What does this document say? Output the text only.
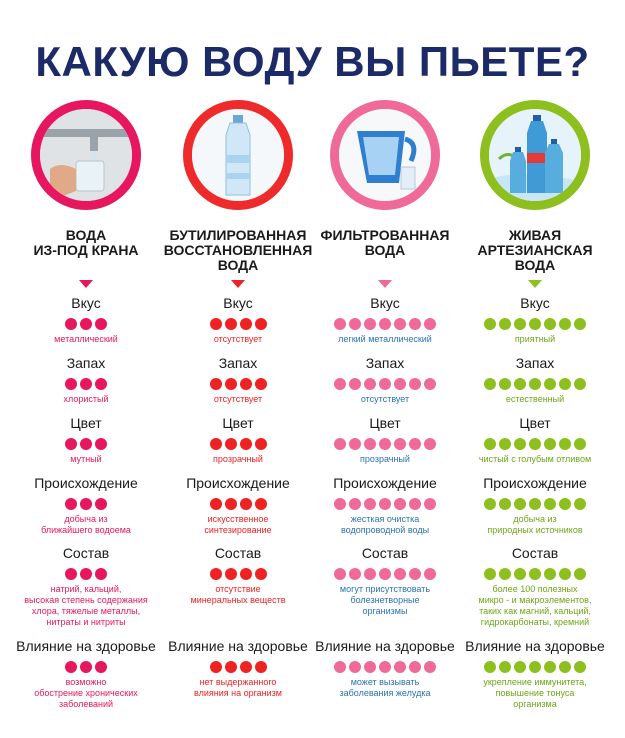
КАКУЮ ВОДУ ВЫ ПЬЕТЕ?
ВОДА
ИЗ-ПОД КРАНА
БУТИЛИРОВАННАЯ
ВОССТАНОВЛЕННАЯ
ВОДА
ФИЛЬТРОВАННАЯ
ВОДА
ЖИВАЯ
АРТЕЗИАНСКАЯ
ВОДА
Вкус
металлический
Запах
хлористый
Цвет
мутный
Происхождение
добыча из
ближайшего водоема
Состав
натрий, кальций,
высокая степень содержания
хлора, тяжелые металлы,
нитраты и нитриты
Влияние на здоровье
возможно
обострение хронических
заболеваний
Вкус
отсутствует
Запах
отсутствует
Цвет
прозрачный
Происхождение
искусственное
синтезирование
Состав
отсутствие
минеральных веществ
Влияние на здоровье
нет выдержанного
влияния на организм
Вкус
легкий металлический
Запах
отсутствует
Цвет
прозрачный
Происхождение
жесткая очистка
водопроводной воды
Состав
могут присутствовать
болезнетворные
организмы
Влияние на здоровье
может вызывать
заболевания желудка
Вкус
приятный
Запах
естественный
Цвет
чистый с голубым отливом
Происхождение
добыча из
природных источников
Состав
более 100 полезных
микро - и макроэлементов,
таких как магний, кальций,
гидрокарбонаты, кремний
Влияние на здоровье
укрепление иммунитета,
повышение тонуса
организма
